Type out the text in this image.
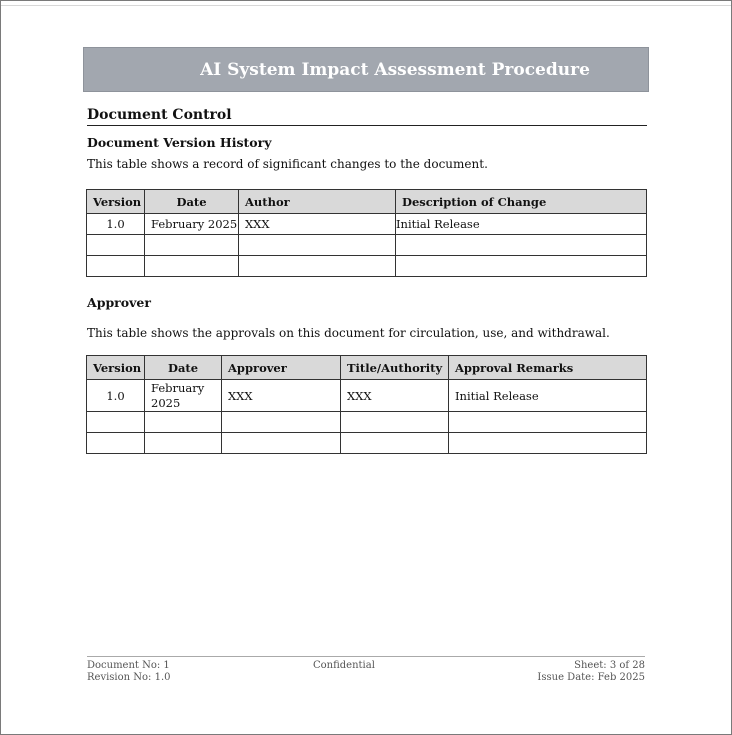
AI System Impact Assessment Procedure
Document Control
Document Version History
This table shows a record of significant changes to the document.
Version	Date	Author	Description of Change
1.0	February 2025	XXX	Initial Release

Approver
This table shows the approvals on this document for circulation, use, and withdrawal.
Version	Date	Approver	Title/Authority	Approval Remarks
1.0	February 2025	XXX	XXX	Initial Release

Document No: 1
Revision No: 1.0
Confidential	Sheet: 3 of 28
Issue Date: Feb 2025
